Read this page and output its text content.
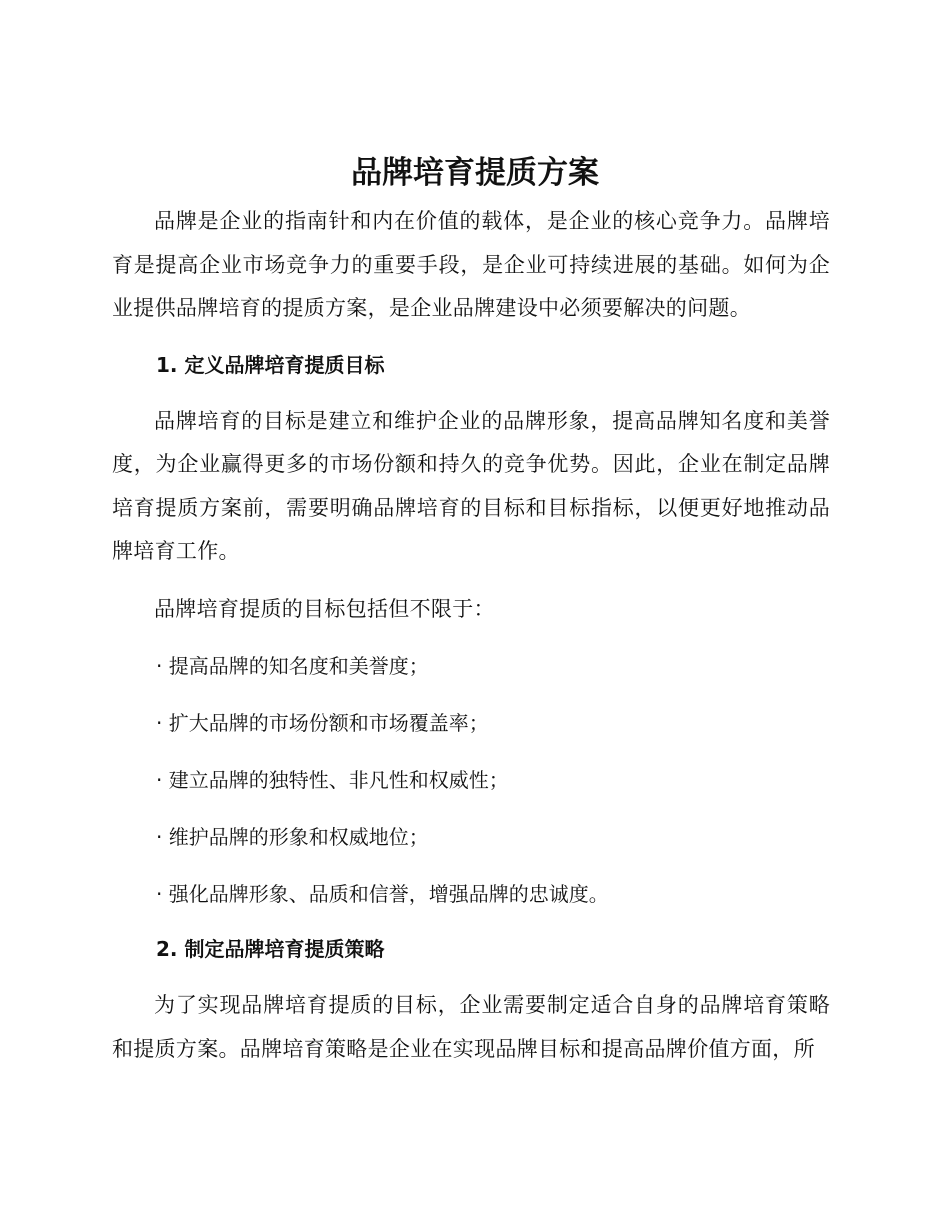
品牌培育提质方案

品牌是企业的指南针和内在价值的载体，是企业的核心竞争力。品牌培育是提高企业市场竞争力的重要手段，是企业可持续进展的基础。如何为企业提供品牌培育的提质方案，是企业品牌建设中必须要解决的问题。

1. 定义品牌培育提质目标

品牌培育的目标是建立和维护企业的品牌形象，提高品牌知名度和美誉度，为企业赢得更多的市场份额和持久的竞争优势。因此，企业在制定品牌培育提质方案前，需要明确品牌培育的目标和目标指标，以便更好地推动品牌培育工作。

品牌培育提质的目标包括但不限于：

· 提高品牌的知名度和美誉度；

· 扩大品牌的市场份额和市场覆盖率；

· 建立品牌的独特性、非凡性和权威性；

· 维护品牌的形象和权威地位；

· 强化品牌形象、品质和信誉，增强品牌的忠诚度。

2. 制定品牌培育提质策略

为了实现品牌培育提质的目标，企业需要制定适合自身的品牌培育策略和提质方案。品牌培育策略是企业在实现品牌目标和提高品牌价值方面，所
